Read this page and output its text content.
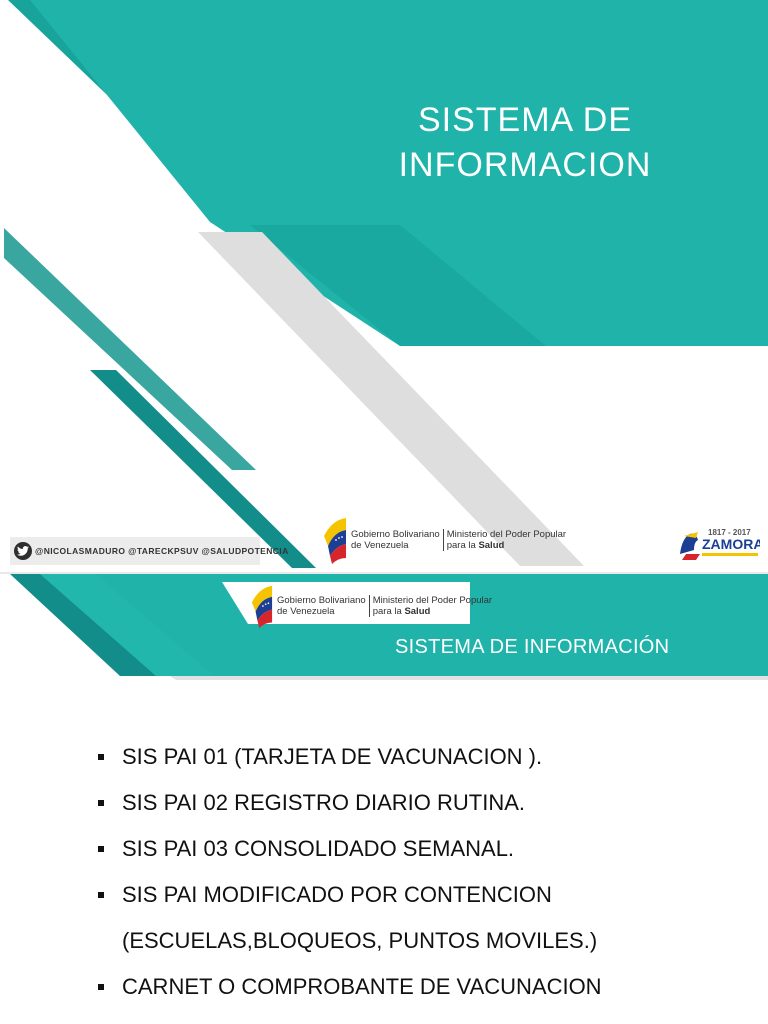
SISTEMA DE INFORMACION
@NICOLASMADURO @TARECKPSUV @SALUDPOTENCIA
Gobierno Bolivariano
de Venezuela
Ministerio del Poder Popular
para la Salud
1817 - 2017
ZAMORA
Gobierno Bolivariano
de Venezuela
Ministerio del Poder Popular
para la Salud
SISTEMA DE INFORMACIÓN
SIS PAI 01 (TARJETA DE VACUNACION ).
SIS PAI 02 REGISTRO DIARIO RUTINA.
SIS PAI 03 CONSOLIDADO SEMANAL.
SIS PAI MODIFICADO POR CONTENCION
(ESCUELAS,BLOQUEOS, PUNTOS MOVILES.)
CARNET O COMPROBANTE DE VACUNACION
